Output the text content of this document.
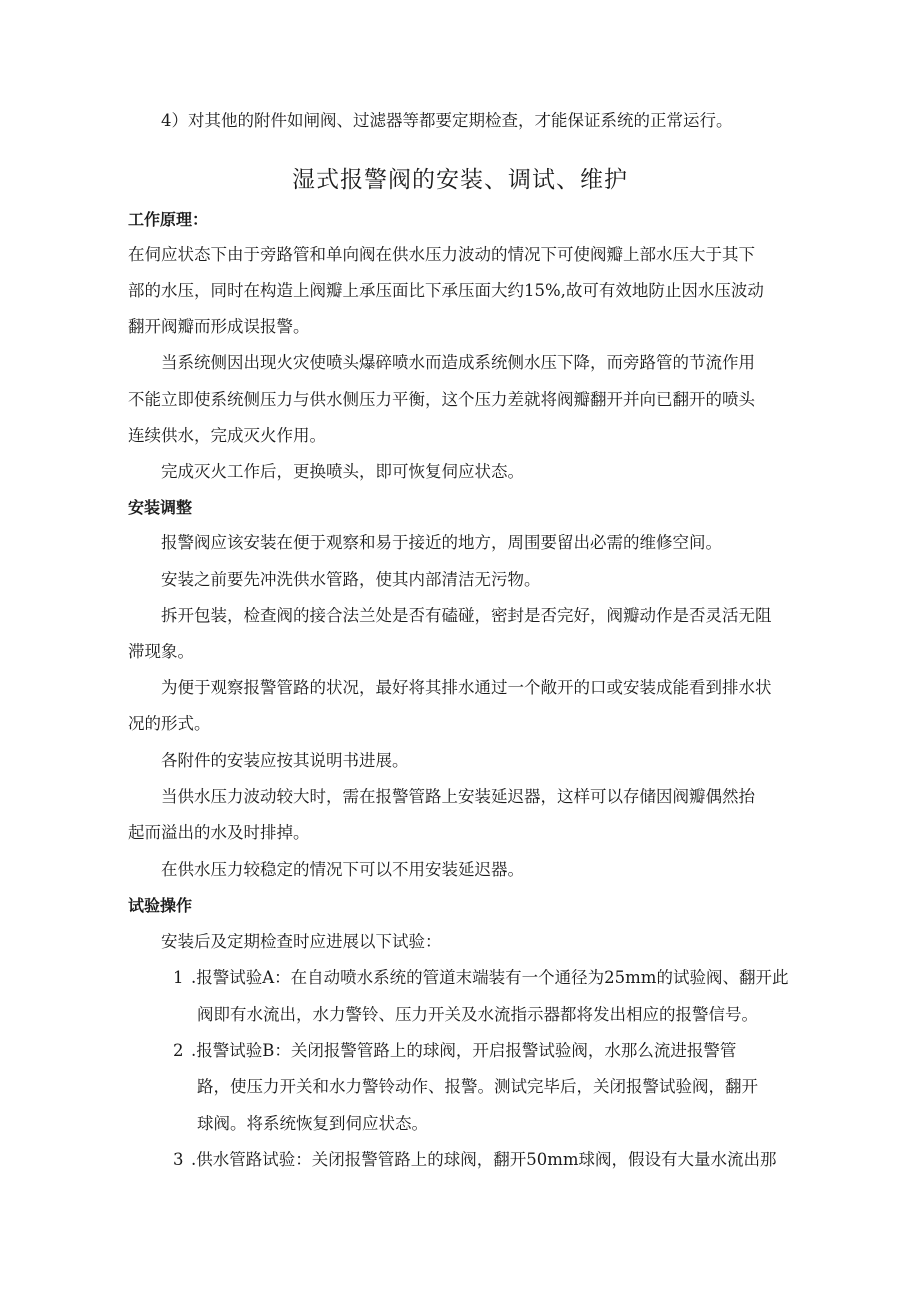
4）对其他的附件如闸阀、过滤器等都要定期检查，才能保证系统的正常运行。
湿式报警阀的安装、调试、维护
工作原理：
在伺应状态下由于旁路管和单向阀在供水压力波动的情况下可使阀瓣上部水压大于其下
部的水压，同时在构造上阀瓣上承压面比下承压面大约15%,故可有效地防止因水压波动
翻开阀瓣而形成误报警。
当系统侧因出现火灾使喷头爆碎喷水而造成系统侧水压下降，而旁路管的节流作用
不能立即使系统侧压力与供水侧压力平衡，这个压力差就将阀瓣翻开并向已翻开的喷头
连续供水，完成灭火作用。
完成灭火工作后，更换喷头，即可恢复伺应状态。
安装调整
报警阀应该安装在便于观察和易于接近的地方，周围要留出必需的维修空间。
安装之前要先冲洗供水管路，使其内部清洁无污物。
拆开包装，检查阀的接合法兰处是否有磕碰，密封是否完好，阀瓣动作是否灵活无阻
滞现象。
为便于观察报警管路的状况，最好将其排水通过一个敞开的口或安装成能看到排水状
况的形式。
各附件的安装应按其说明书进展。
当供水压力波动较大时，需在报警管路上安装延迟器，这样可以存储因阀瓣偶然抬
起而溢出的水及时排掉。
在供水压力较稳定的情况下可以不用安装延迟器。
试验操作
安装后及定期检查时应进展以下试验：
1 .报警试验A：在自动喷水系统的管道末端装有一个通径为25mm的试验阀、翻开此
阀即有水流出，水力警铃、压力开关及水流指示器都将发出相应的报警信号。
2 .报警试验B：关闭报警管路上的球阀，开启报警试验阀，水那么流进报警管
路，使压力开关和水力警铃动作、报警。测试完毕后，关闭报警试验阀，翻开
球阀。将系统恢复到伺应状态。
3 .供水管路试验：关闭报警管路上的球阀，翻开50mm球阀，假设有大量水流出那
